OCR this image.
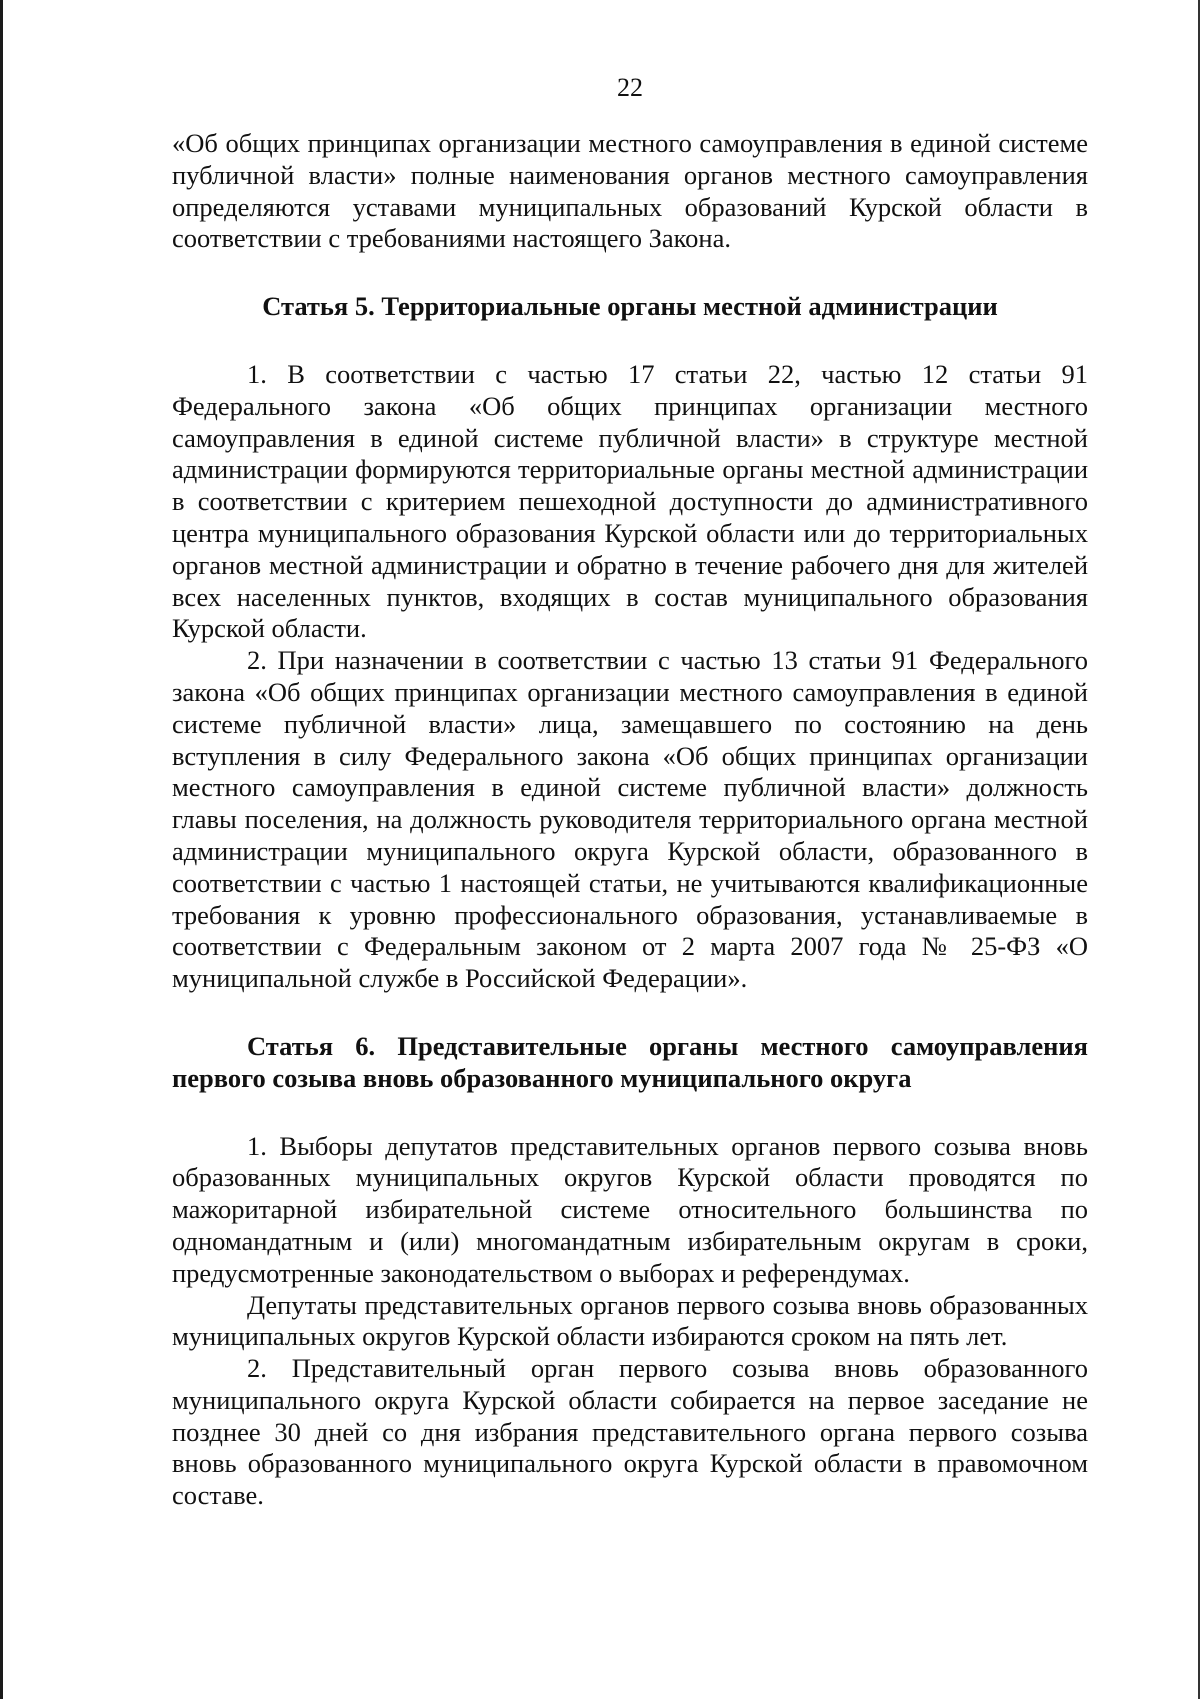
22

«Об общих принципах организации местного самоуправления в единой системе публичной власти» полные наименования органов местного самоуправления определяются уставами муниципальных образований Курской области в соответствии с требованиями настоящего Закона.

Статья 5. Территориальные органы местной администрации

1. В соответствии с частью 17 статьи 22, частью 12 статьи 91 Федерального закона «Об общих принципах организации местного самоуправления в единой системе публичной власти» в структуре местной администрации формируются территориальные органы местной администрации в соответствии с критерием пешеходной доступности до административного центра муниципального образования Курской области или до территориальных органов местной администрации и обратно в течение рабочего дня для жителей всех населенных пунктов, входящих в состав муниципального образования Курской области.

2. При назначении в соответствии с частью 13 статьи 91 Федерального закона «Об общих принципах организации местного самоуправления в единой системе публичной власти» лица, замещавшего по состоянию на день вступления в силу Федерального закона «Об общих принципах организации местного самоуправления в единой системе публичной власти» должность главы поселения, на должность руководителя территориального органа местной администрации муниципального округа Курской области, образованного в соответствии с частью 1 настоящей статьи, не учитываются квалификационные требования к уровню профессионального образования, устанавливаемые в соответствии с Федеральным законом от 2 марта 2007 года № 25-ФЗ «О муниципальной службе в Российской Федерации».

Статья 6. Представительные органы местного самоуправления первого созыва вновь образованного муниципального округа

1. Выборы депутатов представительных органов первого созыва вновь образованных муниципальных округов Курской области проводятся по мажоритарной избирательной системе относительного большинства по одномандатным и (или) многомандатным избирательным округам в сроки, предусмотренные законодательством о выборах и референдумах.

Депутаты представительных органов первого созыва вновь образованных муниципальных округов Курской области избираются сроком на пять лет.

2. Представительный орган первого созыва вновь образованного муниципального округа Курской области собирается на первое заседание не позднее 30 дней со дня избрания представительного органа первого созыва вновь образованного муниципального округа Курской области в правомочном составе.
